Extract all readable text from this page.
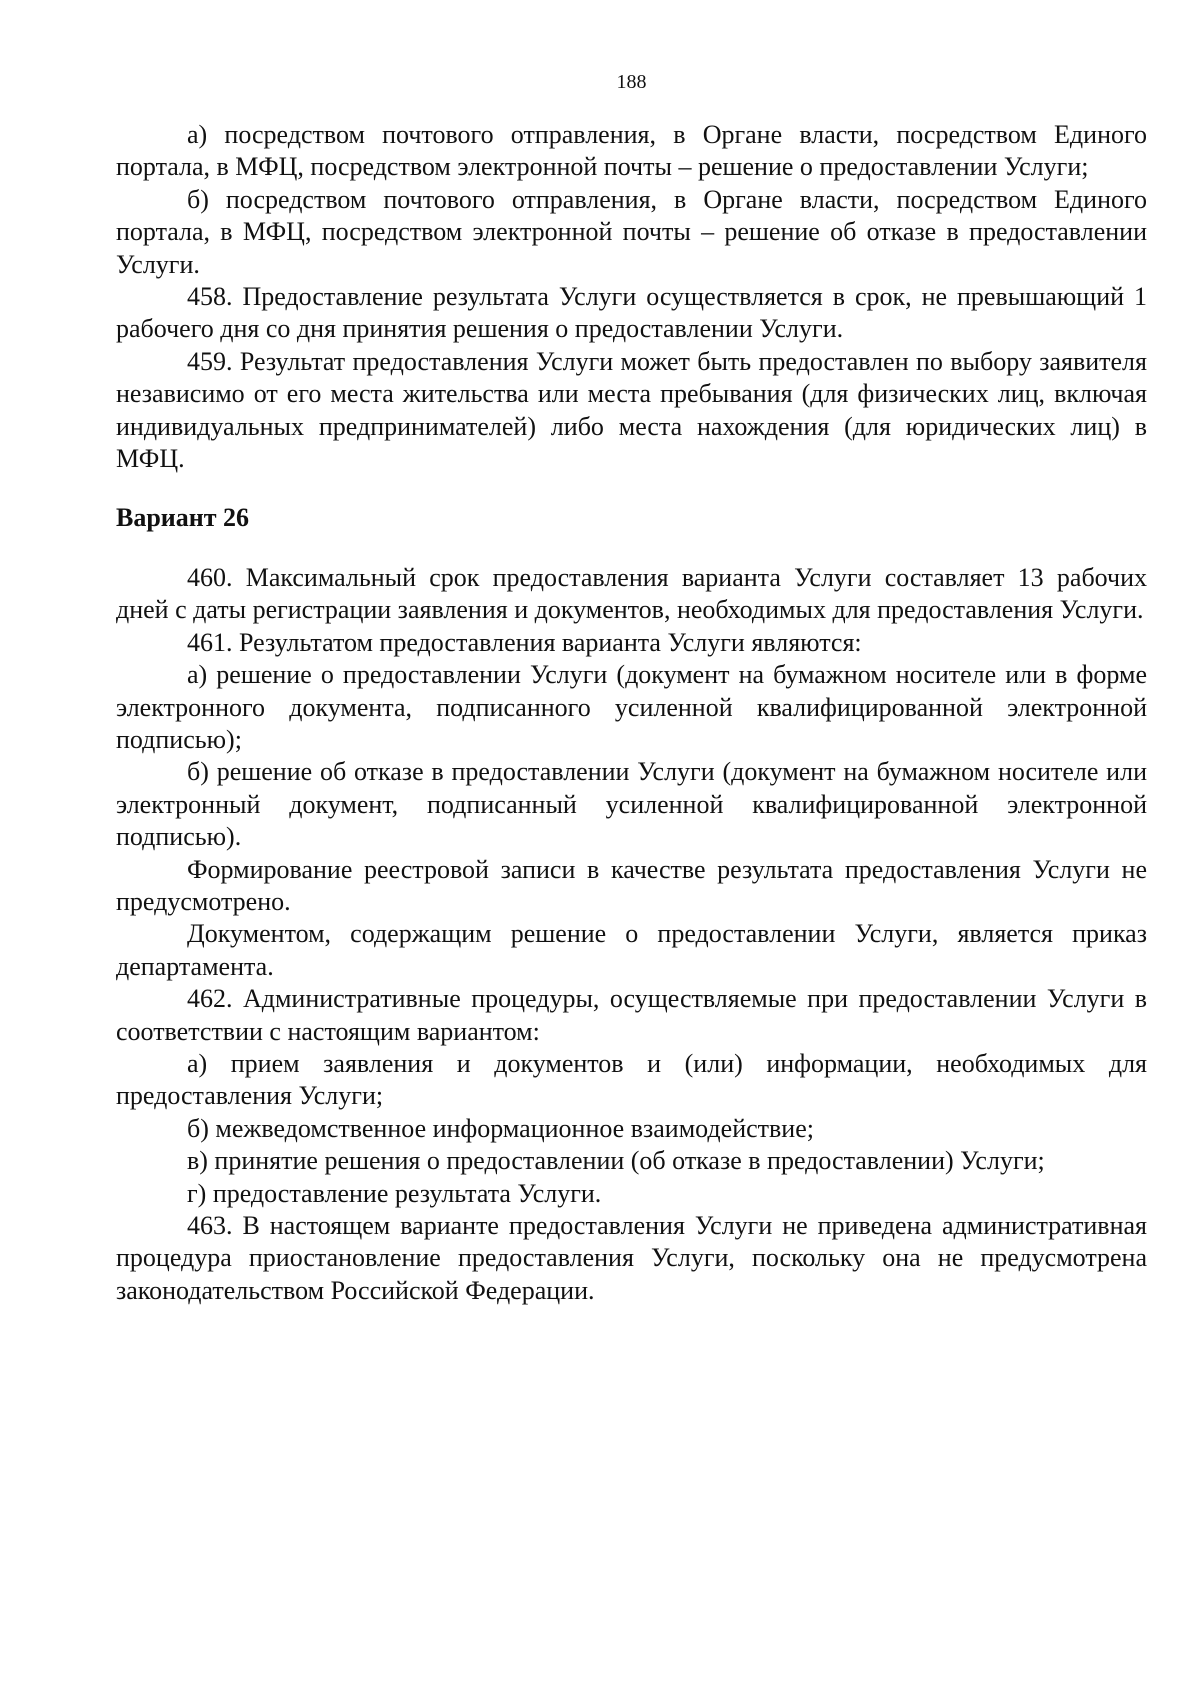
188

а) посредством почтового отправления, в Органе власти, посредством Единого портала, в МФЦ, посредством электронной почты – решение о предоставлении Услуги;

б) посредством почтового отправления, в Органе власти, посредством Единого портала, в МФЦ, посредством электронной почты – решение об отказе в предоставлении Услуги.

458. Предоставление результата Услуги осуществляется в срок, не превышающий 1 рабочего дня со дня принятия решения о предоставлении Услуги.

459. Результат предоставления Услуги может быть предоставлен по выбору заявителя независимо от его места жительства или места пребывания (для физических лиц, включая индивидуальных предпринимателей) либо места нахождения (для юридических лиц) в МФЦ.

Вариант 26

460. Максимальный срок предоставления варианта Услуги составляет 13 рабочих дней с даты регистрации заявления и документов, необходимых для предоставления Услуги.

461. Результатом предоставления варианта Услуги являются:

а) решение о предоставлении Услуги (документ на бумажном носителе или в форме электронного документа, подписанного усиленной квалифицированной электронной подписью);

б) решение об отказе в предоставлении Услуги (документ на бумажном носителе или электронный документ, подписанный усиленной квалифицированной электронной подписью).

Формирование реестровой записи в качестве результата предоставления Услуги не предусмотрено.

Документом, содержащим решение о предоставлении Услуги, является приказ департамента.

462. Административные процедуры, осуществляемые при предоставлении Услуги в соответствии с настоящим вариантом:

а) прием заявления и документов и (или) информации, необходимых для предоставления Услуги;

б) межведомственное информационное взаимодействие;

в) принятие решения о предоставлении (об отказе в предоставлении) Услуги;

г) предоставление результата Услуги.

463. В настоящем варианте предоставления Услуги не приведена административная процедура приостановление предоставления Услуги, поскольку она не предусмотрена законодательством Российской Федерации.
